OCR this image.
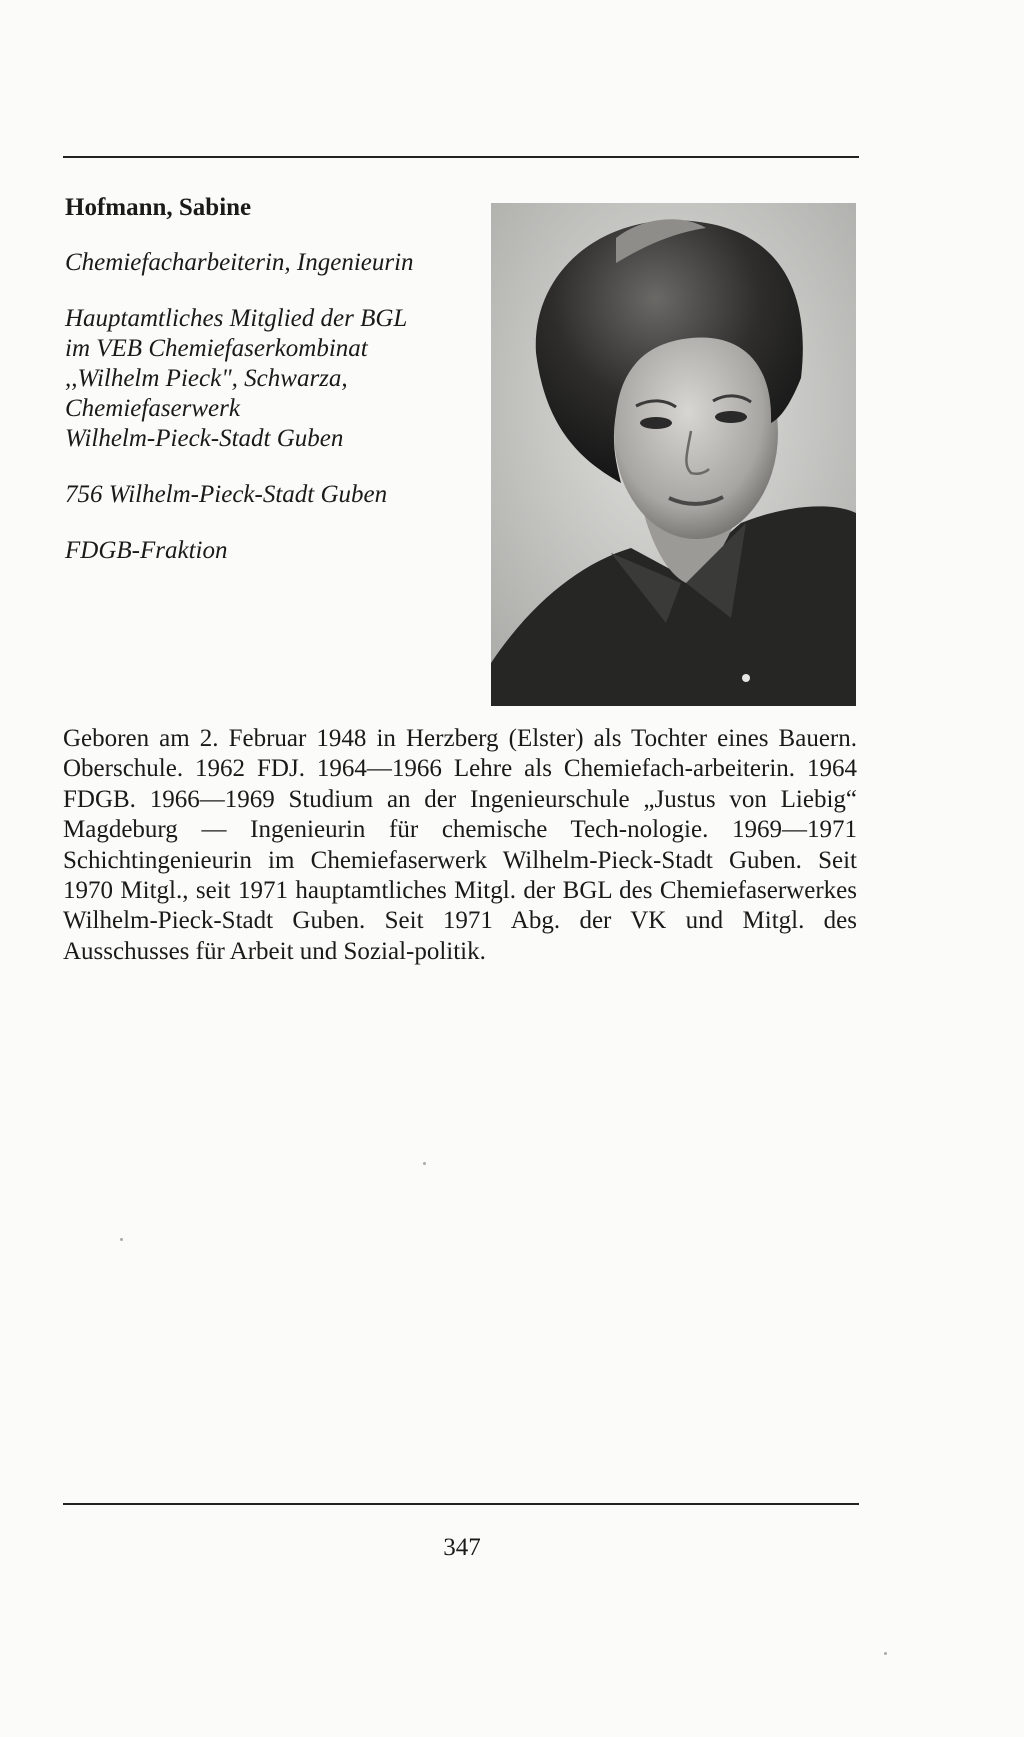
Hofmann, Sabine

Chemiefacharbeiterin, Ingenieurin

Hauptamtliches Mitglied der BGL
im VEB Chemiefaserkombinat
,,Wilhelm Pieck", Schwarza,
Chemiefaserwerk
Wilhelm-Pieck-Stadt Guben

756 Wilhelm-Pieck-Stadt Guben

FDGB-Fraktion

Geboren am 2. Februar 1948 in Herzberg (Elster) als Tochter eines Bauern. Oberschule. 1962 FDJ. 1964—1966 Lehre als Chemiefach-arbeiterin. 1964 FDGB. 1966—1969 Studium an der Ingenieurschule „Justus von Liebig“ Magdeburg — Ingenieurin für chemische Tech-nologie. 1969—1971 Schichtingenieurin im Chemiefaserwerk Wilhelm-Pieck-Stadt Guben. Seit 1970 Mitgl., seit 1971 hauptamtliches Mitgl. der BGL des Chemiefaserwerkes Wilhelm-Pieck-Stadt Guben. Seit 1971 Abg. der VK und Mitgl. des Ausschusses für Arbeit und Sozial-politik.

347
